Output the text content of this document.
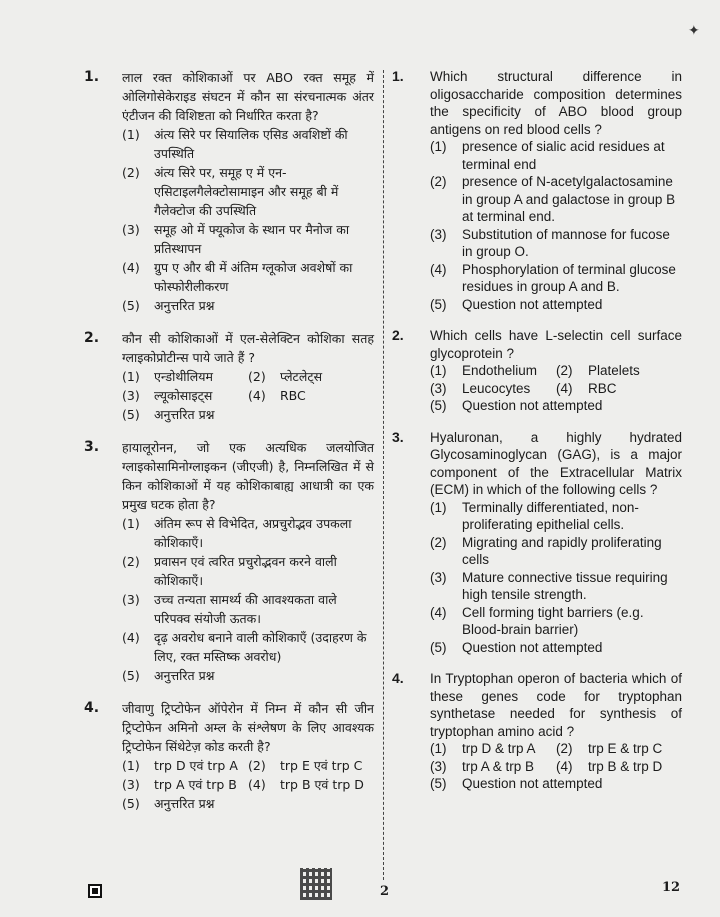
✦
1. लाल रक्त कोशिकाओं पर ABO रक्त समूह में ओलिगोसेकेराइड संघटन में कौन सा संरचनात्मक अंतर एंटीजन की विशिष्टता को निर्धारित करता है?
(1) अंत्य सिरे पर सियालिक एसिड अवशिष्टों की उपस्थिति
(2) अंत्य सिरे पर, समूह ए में एन-एसिटाइलगैलेक्टोसामाइन और समूह बी में गैलेक्टोज की उपस्थिति
(3) समूह ओ में फ्यूकोज के स्थान पर मैनोज का प्रतिस्थापन
(4) ग्रुप ए और बी में अंतिम ग्लूकोज अवशेषों का फोस्फोरीलीकरण
(5) अनुत्तरित प्रश्न
2. कौन सी कोशिकाओं में एल-सेलेक्टिन कोशिका सतह ग्लाइकोप्रोटीन्स पाये जाते हैं ?
(1) एन्डोथीलियम	(2) प्लेटलेट्स
(3) ल्यूकोसाइट्स	(4) RBC
(5) अनुत्तरित प्रश्न
3. हायालूरोनन, जो एक अत्यधिक जलयोजित ग्लाइकोसामिनोग्लाइकन (जीएजी) है, निम्नलिखित में से किन कोशिकाओं में यह कोशिकाबाह्य आधात्री का एक प्रमुख घटक होता है?
(1) अंतिम रूप से विभेदित, अप्रचुरोद्भव उपकला कोशिकाएँ।
(2) प्रवासन एवं त्वरित प्रचुरोद्भवन करने वाली कोशिकाएँ।
(3) उच्च तन्यता सामर्थ्य की आवश्यकता वाले परिपक्व संयोजी ऊतक।
(4) दृढ़ अवरोध बनाने वाली कोशिकाएँ (उदाहरण के लिए, रक्त मस्तिष्क अवरोध)
(5) अनुत्तरित प्रश्न
4. जीवाणु ट्रिप्टोफेन ऑपेरोन में निम्न में कौन सी जीन ट्रिप्टोफेन अमिनो अम्ल के संश्लेषण के लिए आवश्यक ट्रिप्टोफेन सिंथेटेज़ कोड करती है?
(1) trp D एवं trp A (2) trp E एवं trp C
(3) trp A एवं trp B (4) trp B एवं trp D
(5) अनुत्तरित प्रश्न
1. Which structural difference in oligosaccharide composition determines the specificity of ABO blood group antigens on red blood cells ?
(1) presence of sialic acid residues at terminal end
(2) presence of N-acetylgalactosamine in group A and galactose in group B at terminal end.
(3) Substitution of mannose for fucose in group O.
(4) Phosphorylation of terminal glucose residues in group A and B.
(5) Question not attempted
2. Which cells have L-selectin cell surface glycoprotein ?
(1) Endothelium	(2) Platelets
(3) Leucocytes	(4) RBC
(5) Question not attempted
3. Hyaluronan, a highly hydrated Glycosaminoglycan (GAG), is a major component of the Extracellular Matrix (ECM) in which of the following cells ?
(1) Terminally differentiated, non-proliferating epithelial cells.
(2) Migrating and rapidly proliferating cells
(3) Mature connective tissue requiring high tensile strength.
(4) Cell forming tight barriers (e.g. Blood-brain barrier)
(5) Question not attempted
4. In Tryptophan operon of bacteria which of these genes code for tryptophan synthetase needed for synthesis of tryptophan amino acid ?
(1) trp D & trp A	(2) trp E & trp C
(3) trp A & trp B	(4) trp B & trp D
(5) Question not attempted
2	12
